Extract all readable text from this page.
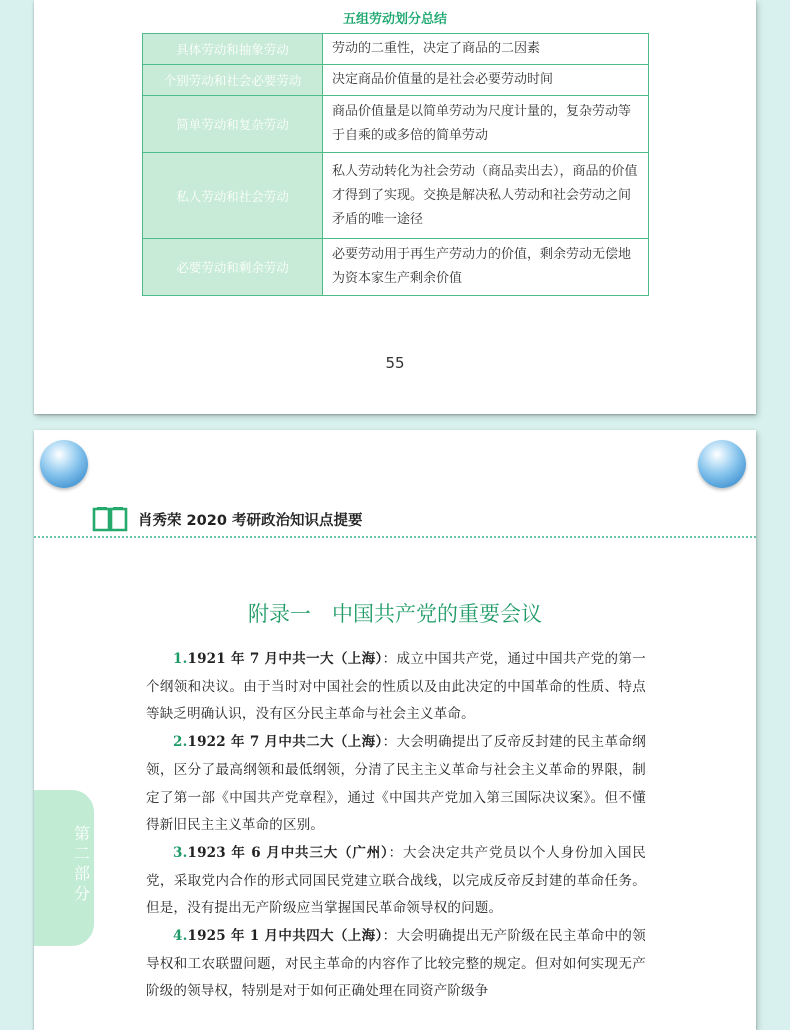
五组劳动划分总结
具体劳动和抽象劳动	劳动的二重性，决定了商品的二因素
个别劳动和社会必要劳动	决定商品价值量的是社会必要劳动时间
简单劳动和复杂劳动	商品价值量是以简单劳动为尺度计量的，复杂劳动等于自乘的或多倍的简单劳动
私人劳动和社会劳动	私人劳动转化为社会劳动（商品卖出去），商品的价值才得到了实现。交换是解决私人劳动和社会劳动之间矛盾的唯一途径
必要劳动和剩余劳动	必要劳动用于再生产劳动力的价值，剩余劳动无偿地为资本家生产剩余价值
55
肖秀荣 2020 考研政治知识点提要
附录一　中国共产党的重要会议

1.1921 年 7 月中共一大（上海）：成立中国共产党，通过中国共产党的第一个纲领和决议。由于当时对中国社会的性质以及由此决定的中国革命的性质、特点等缺乏明确认识，没有区分民主革命与社会主义革命。

2.1922 年 7 月中共二大（上海）：大会明确提出了反帝反封建的民主革命纲领，区分了最高纲领和最低纲领，分清了民主主义革命与社会主义革命的界限，制定了第一部《中国共产党章程》，通过《中国共产党加入第三国际决议案》。但不懂得新旧民主主义革命的区别。

3.1923 年 6 月中共三大（广州）：大会决定共产党员以个人身份加入国民党，采取党内合作的形式同国民党建立联合战线，以完成反帝反封建的革命任务。但是，没有提出无产阶级应当掌握国民革命领导权的问题。

4.1925 年 1 月中共四大（上海）：大会明确提出无产阶级在民主革命中的领导权和工农联盟问题，对民主革命的内容作了比较完整的规定。但对如何实现无产阶级的领导权，特别是对于如何正确处理在同资产阶级争

第二部分
